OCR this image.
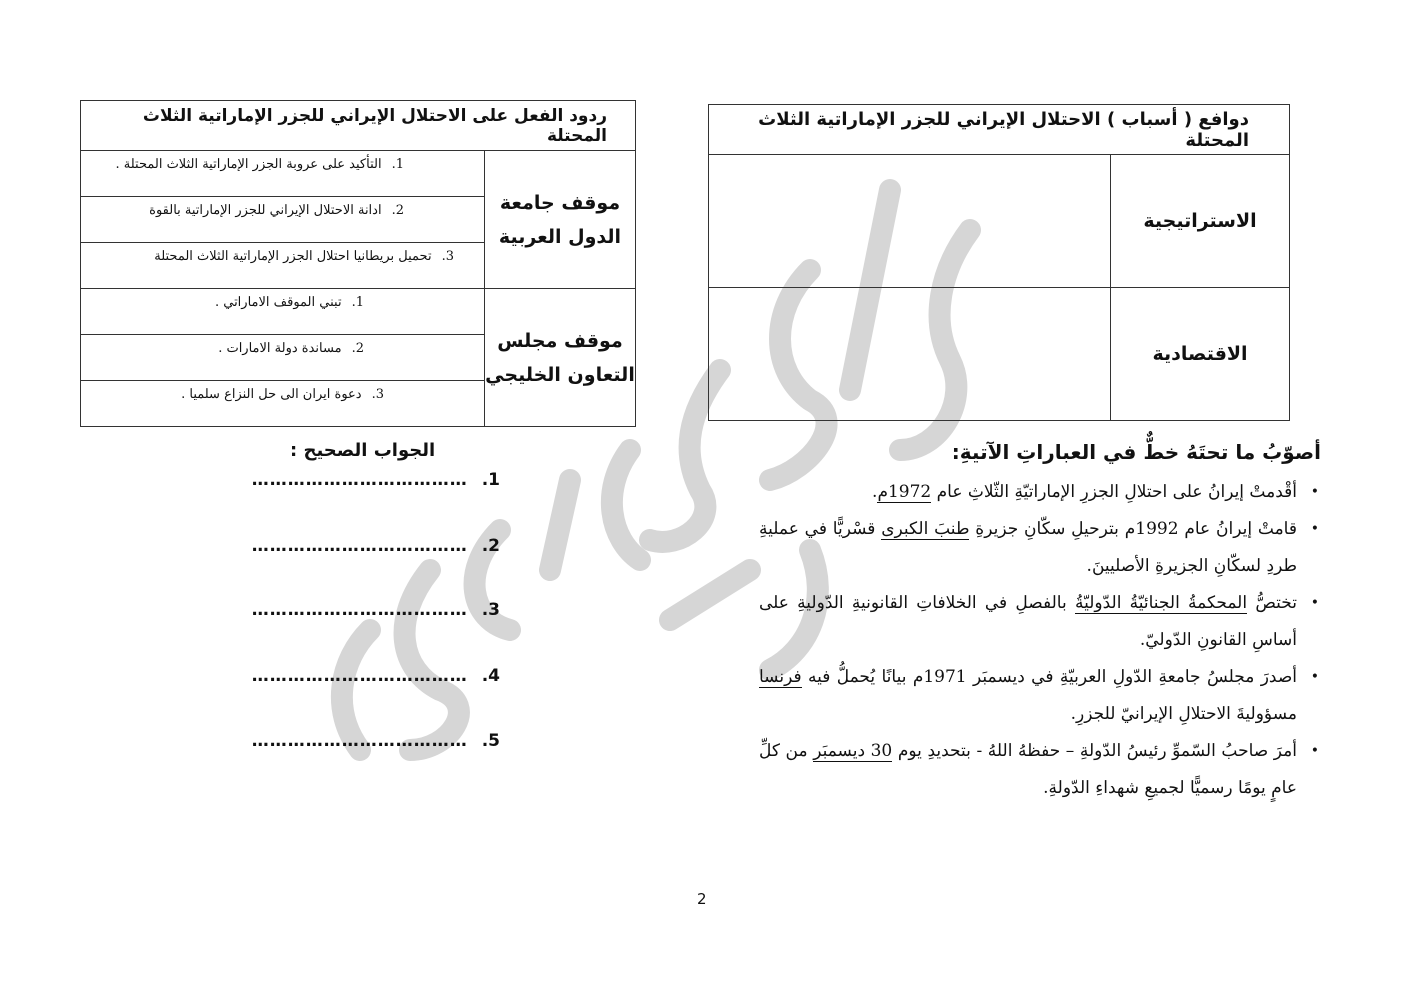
ردود الفعل على الاحتلال الإيراني للجزر الإماراتية الثلاث المحتلة	
موقف جامعة الدول العربية	1.التأكيد على عروبة الجزر الإماراتية الثلاث المحتلة .
	2.ادانة الاحتلال الإيراني للجزر الإماراتية بالقوة
	3.تحميل بريطانيا احتلال الجزر الإماراتية الثلاث المحتلة
موقف مجلس التعاون الخليجي	1.تبني الموقف الاماراتي .
	2.مساندة دولة الامارات .
	3.دعوة ايران الى حل النزاع سلميا .
دوافع ( أسباب ) الاحتلال الإيراني للجزر الإماراتية الثلاث المحتلة	
الاستراتيجية	
الاقتصادية	
الجواب الصحيح :
1.………………………………
2.………………………………
3.………………………………
4.………………………………
5.………………………………
أصوّبُ ما تحتَهُ خطٌّ في العباراتِ الآتيةِ:
• أقْدمتْ إيرانُ على احتلالِ الجزرِ الإماراتيّةِ الثّلاثِ عام 1972م.
• قامتْ إيرانُ عام 1992م بترحيلِ سكّانِ جزيرةِ طنبَ الكبرى قسْريًّا في عمليةِ طردِ لسكّانِ الجزيرةِ الأصليينَ.
• تختصُّ المحكمةُ الجنائيّةُ الدّوليّةُ بالفصلِ في الخلافاتِ القانونيةِ الدّوليةِ على أساسِ القانونِ الدّوليّ.
• أصدرَ مجلسُ جامعةِ الدّولِ العربيّةِ في ديسمبَر 1971م بيانًا يُحملُّ فيه فرنسا مسؤوليةَ الاحتلالِ الإيرانيّ للجزرِ.
• أمرَ صاحبُ السّموِّ رئيسُ الدّولةِ – حفظهُ اللهُ - بتحديدِ يوم 30 ديسمبَر من كلِّ عامٍ يومًا رسميًّا لجميعِ شهداءِ الدّولةِ.
2
